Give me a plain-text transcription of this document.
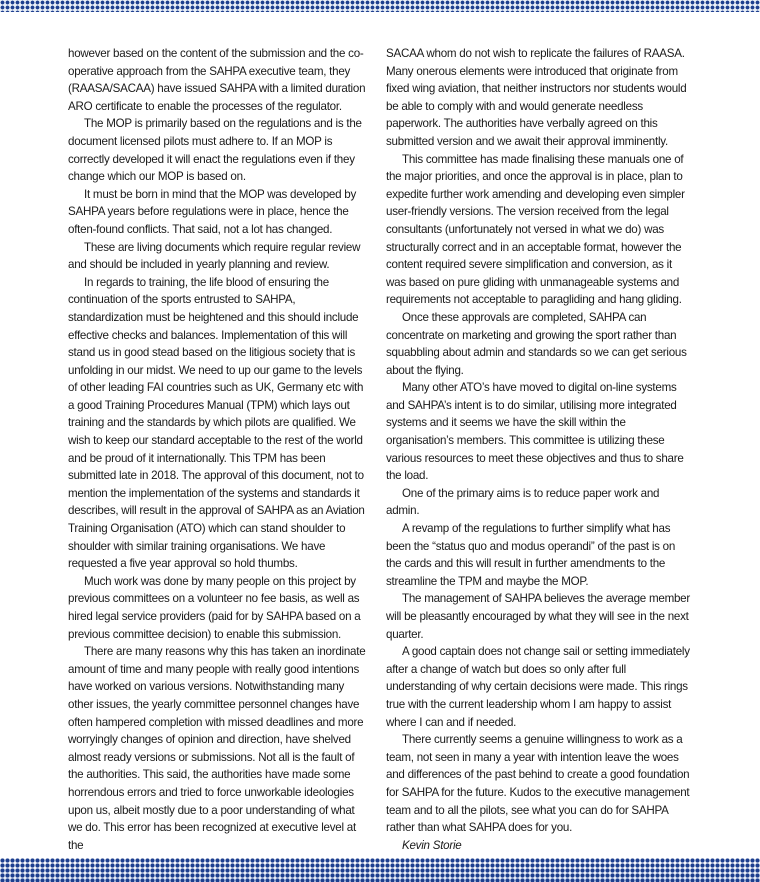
however based on the content of the submission and the co-operative approach from the SAHPA executive team, they (RAASA/SACAA) have issued SAHPA with a limited duration ARO certificate to enable the processes of the regulator.

The MOP is primarily based on the regulations and is the document licensed pilots must adhere to. If an MOP is correctly developed it will enact the regulations even if they change which our MOP is based on.

It must be born in mind that the MOP was developed by SAHPA years before regulations were in place, hence the often-found conflicts. That said, not a lot has changed.

These are living documents which require regular review and should be included in yearly planning and review.

In regards to training, the life blood of ensuring the continuation of the sports entrusted to SAHPA, standardization must be heightened and this should include effective checks and balances. Implementation of this will stand us in good stead based on the litigious society that is unfolding in our midst. We need to up our game to the levels of other leading FAI countries such as UK, Germany etc with a good Training Procedures Manual (TPM) which lays out training and the standards by which pilots are qualified. We wish to keep our standard acceptable to the rest of the world and be proud of it internationally. This TPM has been submitted late in 2018. The approval of this document, not to mention the implementation of the systems and standards it describes, will result in the approval of SAHPA as an Aviation Training Organisation (ATO) which can stand shoulder to shoulder with similar training organisations. We have requested a five year approval so hold thumbs.

Much work was done by many people on this project by previous committees on a volunteer no fee basis, as well as hired legal service providers (paid for by SAHPA based on a previous committee decision) to enable this submission.

There are many reasons why this has taken an inordinate amount of time and many people with really good intentions have worked on various versions. Notwithstanding many other issues, the yearly committee personnel changes have often hampered completion with missed deadlines and more worryingly changes of opinion and direction, have shelved almost ready versions or submissions. Not all is the fault of the authorities. This said, the authorities have made some horrendous errors and tried to force unworkable ideologies upon us, albeit mostly due to a poor understanding of what we do. This error has been recognized at executive level at the

SACAA whom do not wish to replicate the failures of RAASA. Many onerous elements were introduced that originate from fixed wing aviation, that neither instructors nor students would be able to comply with and would generate needless paperwork. The authorities have verbally agreed on this submitted version and we await their approval imminently.

This committee has made finalising these manuals one of the major priorities, and once the approval is in place, plan to expedite further work amending and developing even simpler user-friendly versions. The version received from the legal consultants (unfortunately not versed in what we do) was structurally correct and in an acceptable format, however the content required severe simplification and conversion, as it was based on pure gliding with unmanageable systems and requirements not acceptable to paragliding and hang gliding.

Once these approvals are completed, SAHPA can concentrate on marketing and growing the sport rather than squabbling about admin and standards so we can get serious about the flying.

Many other ATO’s have moved to digital on-line systems and SAHPA’s intent is to do similar, utilising more integrated systems and it seems we have the skill within the organisation’s members. This committee is utilizing these various resources to meet these objectives and thus to share the load.

One of the primary aims is to reduce paper work and admin.

A revamp of the regulations to further simplify what has been the “status quo and modus operandi” of the past is on the cards and this will result in further amendments to the streamline the TPM and maybe the MOP.

The management of SAHPA believes the average member will be pleasantly encouraged by what they will see in the next quarter.

A good captain does not change sail or setting immediately after a change of watch but does so only after full understanding of why certain decisions were made. This rings true with the current leadership whom I am happy to assist where I can and if needed.

There currently seems a genuine willingness to work as a team, not seen in many a year with intention leave the woes and differences of the past behind to create a good foundation for SAHPA for the future. Kudos to the executive management team and to all the pilots, see what you can do for SAHPA rather than what SAHPA does for you.

Kevin Storie
